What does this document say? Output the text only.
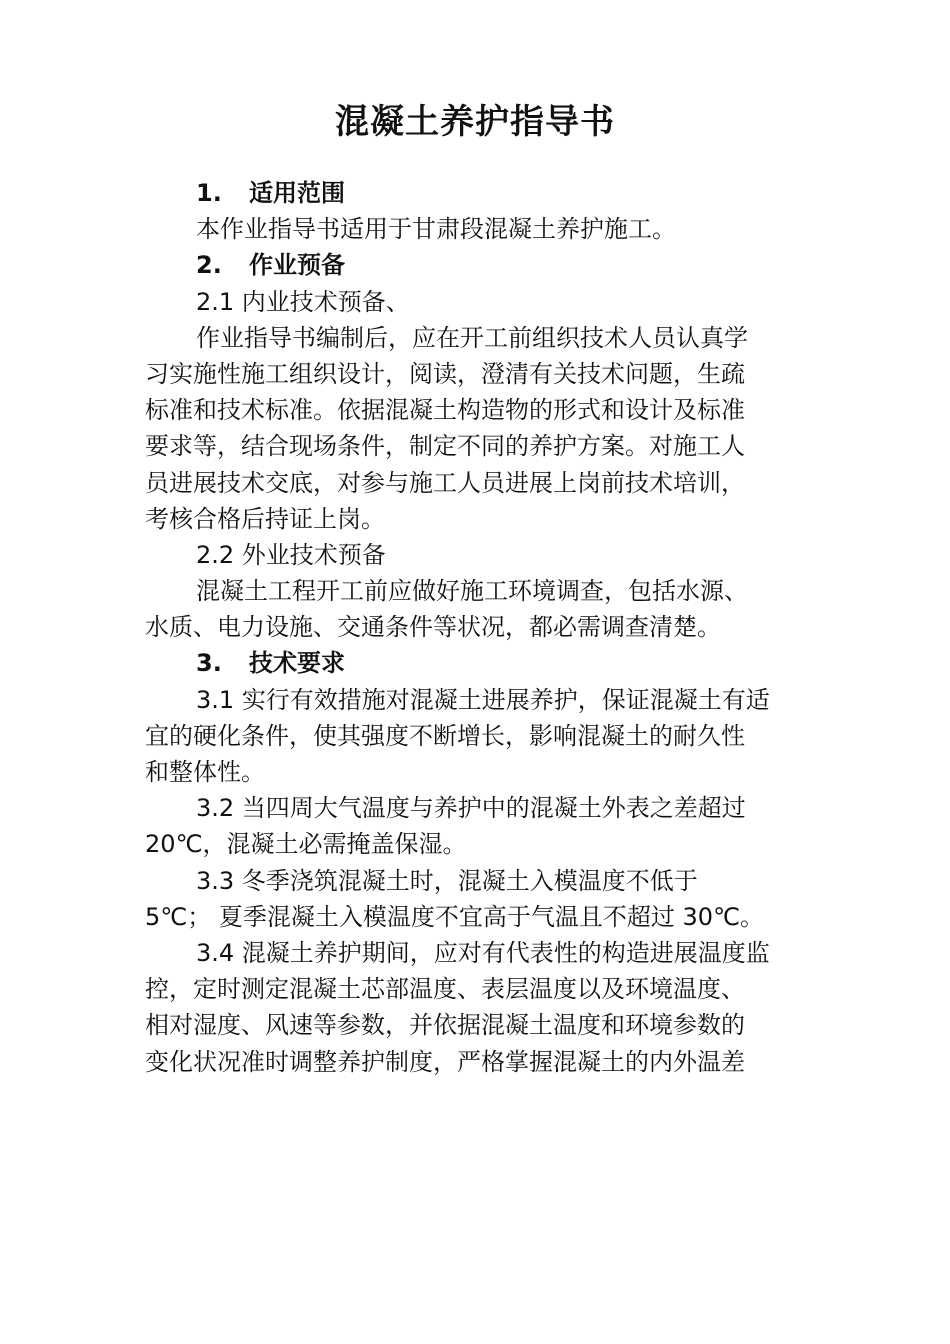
混凝土养护指导书
1. 适用范围
本作业指导书适用于甘肃段混凝土养护施工。
2. 作业预备
2.1 内业技术预备、
作业指导书编制后，应在开工前组织技术人员认真学
习实施性施工组织设计，阅读，澄清有关技术问题，生疏
标准和技术标准。依据混凝土构造物的形式和设计及标准
要求等，结合现场条件，制定不同的养护方案。对施工人
员进展技术交底，对参与施工人员进展上岗前技术培训，
考核合格后持证上岗。
2.2 外业技术预备
混凝土工程开工前应做好施工环境调查，包括水源、
水质、电力设施、交通条件等状况，都必需调查清楚。
3. 技术要求
3.1 实行有效措施对混凝土进展养护，保证混凝土有适
宜的硬化条件，使其强度不断增长，影响混凝土的耐久性
和整体性。
3.2 当四周大气温度与养护中的混凝土外表之差超过
20℃，混凝土必需掩盖保湿。
3.3 冬季浇筑混凝土时，混凝土入模温度不低于
5℃； 夏季混凝土入模温度不宜高于气温且不超过 30℃。
3.4 混凝土养护期间，应对有代表性的构造进展温度监
控，定时测定混凝土芯部温度、表层温度以及环境温度、
相对湿度、风速等参数，并依据混凝土温度和环境参数的
变化状况准时调整养护制度，严格掌握混凝土的内外温差
